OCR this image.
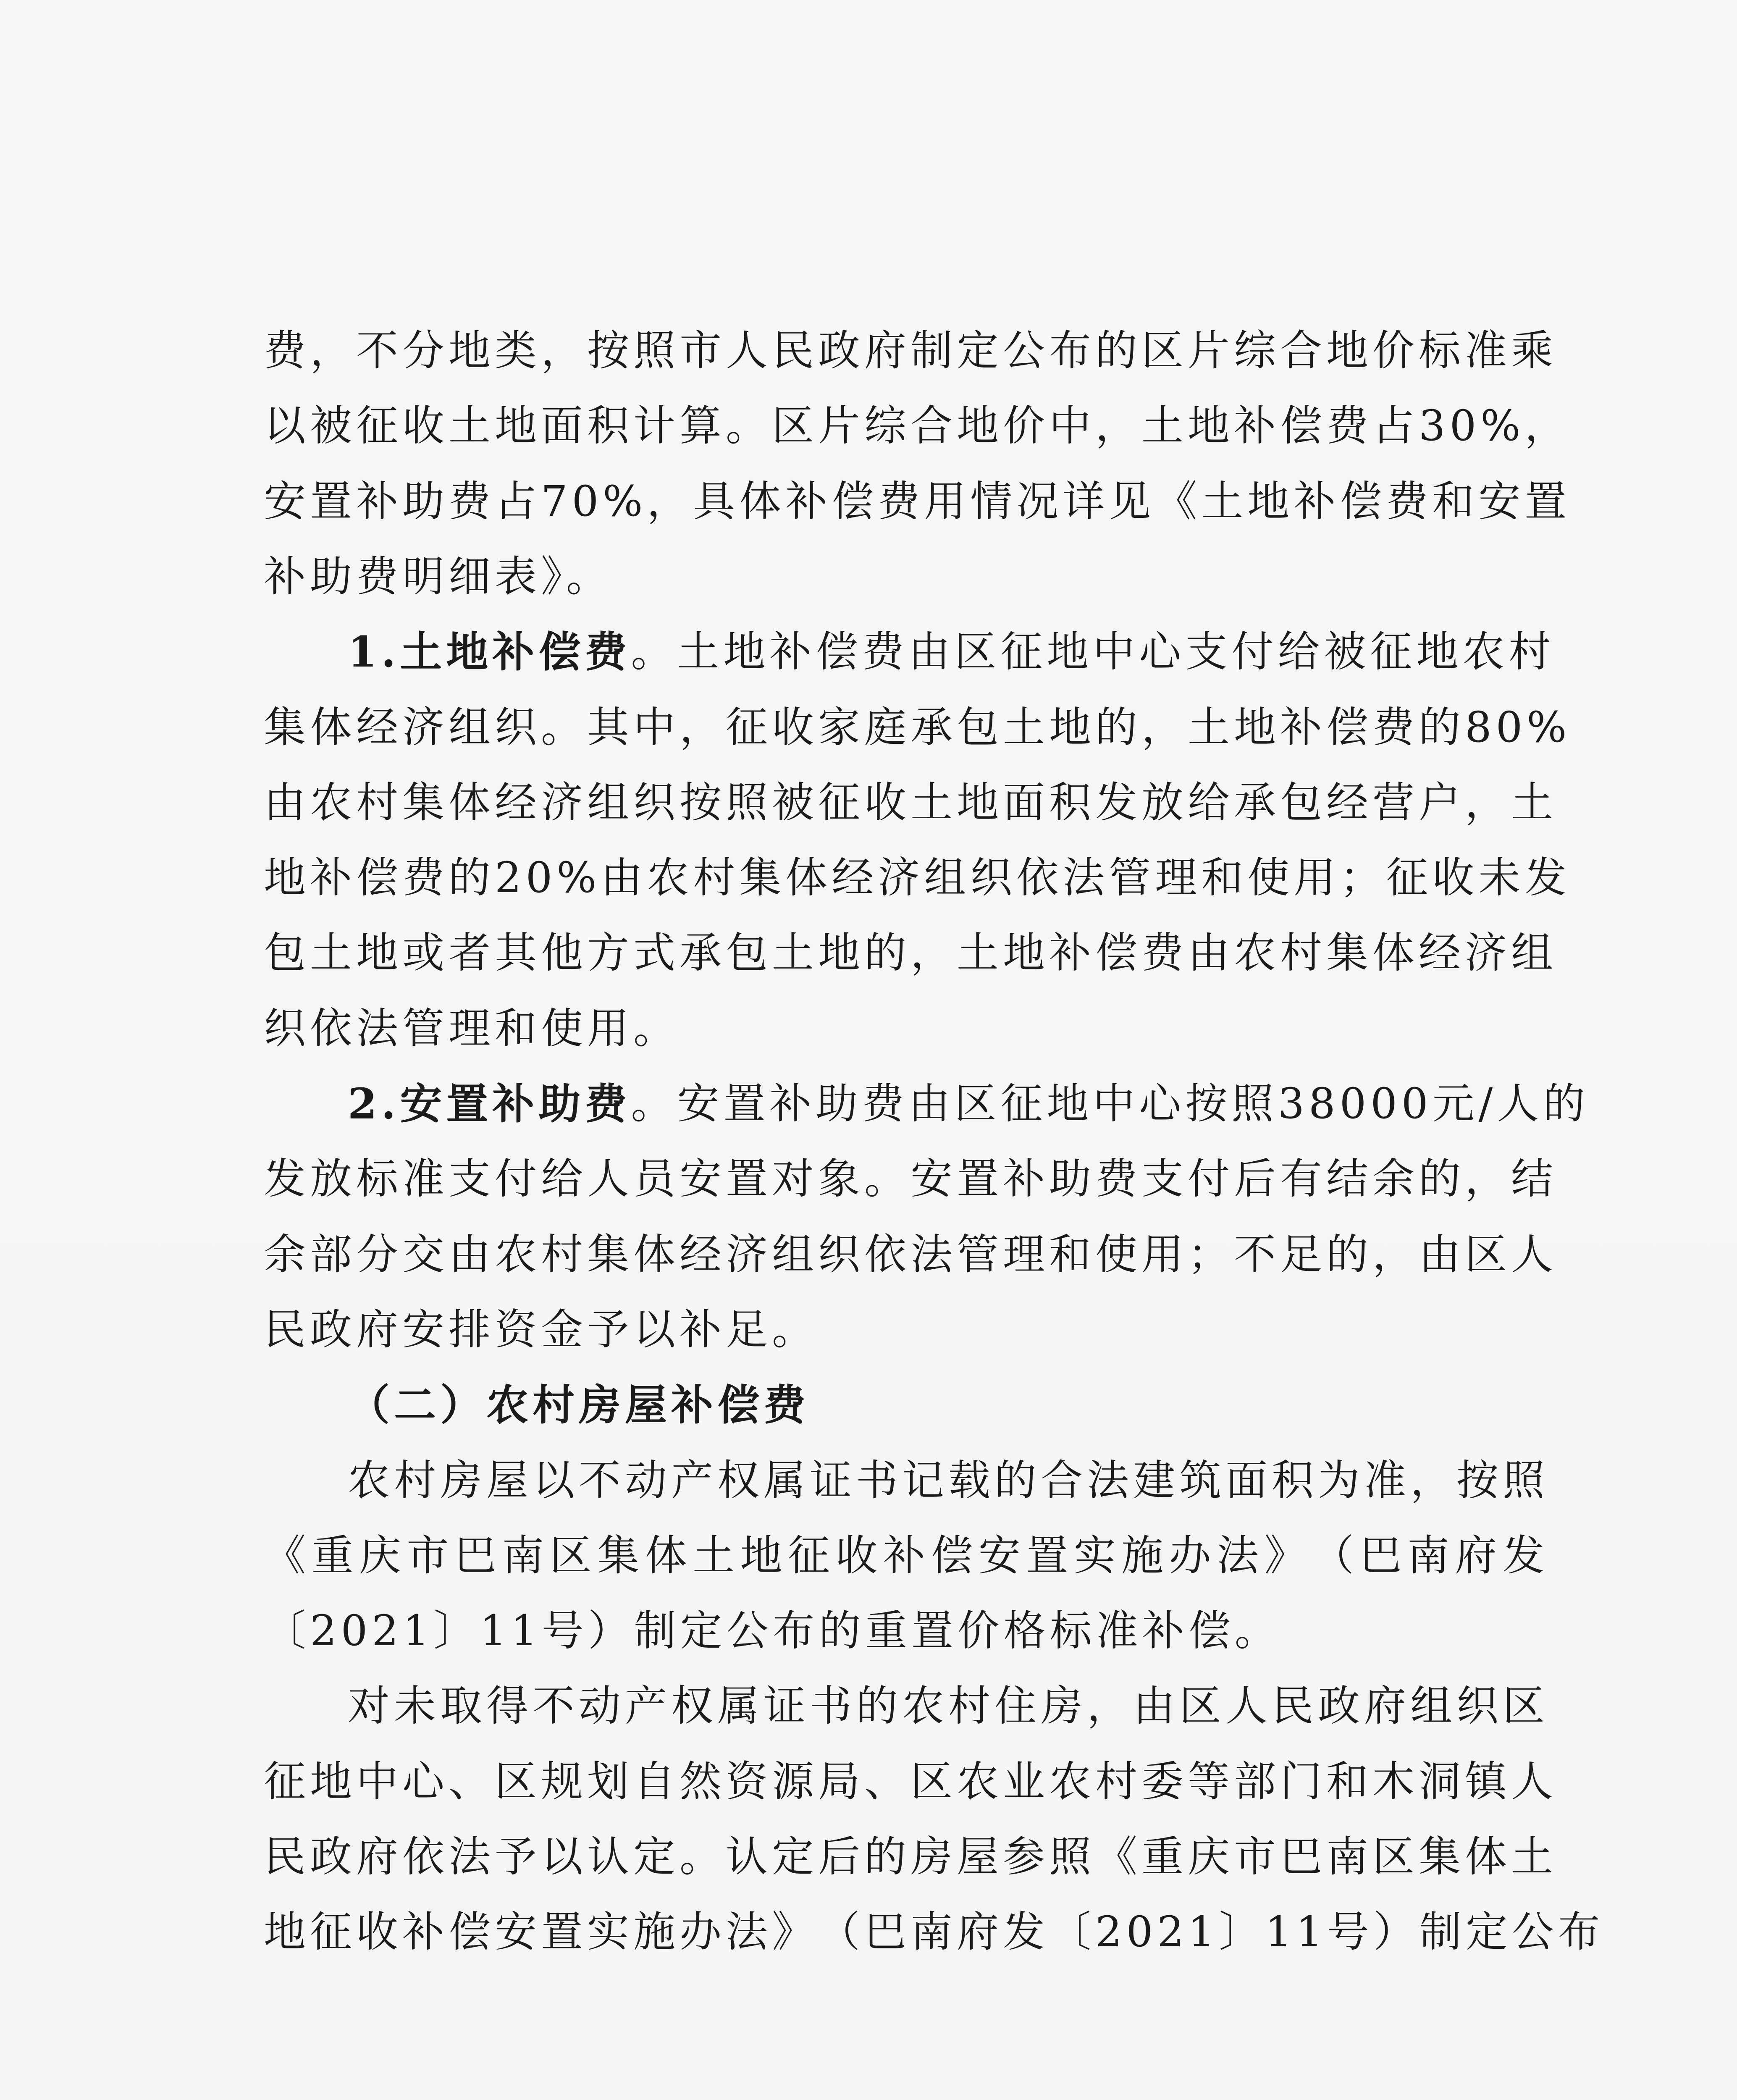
费 ， 不 分 地 类 ， 按 照 市 人 民 政 府 制 定 公 布 的 区 片 综 合 地 价 标 准 乘
以 被 征 收 土 地 面 积 计 算 。 区 片 综 合 地 价 中 ， 土 地 补 偿 费 占 30% ，
安 置 补 助 费 占 70% ， 具 体 补 偿 费 用 情 况 详 见 《 土 地 补 偿 费 和 安 置
补助费明细表》。
1. 土 地 补 偿 费 。 土 地 补 偿 费 由 区 征 地 中 心 支 付 给 被 征 地 农 村
集 体 经 济 组 织 。 其 中 ， 征 收 家 庭 承 包 土 地 的 ， 土 地 补 偿 费 的 80%
由 农 村 集 体 经 济 组 织 按 照 被 征 收 土 地 面 积 发 放 给 承 包 经 营 户 ， 土
地 补 偿 费 的 20% 由 农 村 集 体 经 济 组 织 依 法 管 理 和 使 用 ； 征 收 未 发
包 土 地 或 者 其 他 方 式 承 包 土 地 的 ， 土 地 补 偿 费 由 农 村 集 体 经 济 组
织依法管理和使用。
2. 安 置 补 助 费 。 安 置 补 助 费 由 区 征 地 中 心 按 照 38000 元 / 人 的
发 放 标 准 支 付 给 人 员 安 置 对 象 。 安 置 补 助 费 支 付 后 有 结 余 的 ， 结
余 部 分 交 由 农 村 集 体 经 济 组 织 依 法 管 理 和 使 用 ； 不 足 的 ， 由 区 人
民政府安排资金予以补足。
（二）农村房屋补偿费
农 村 房 屋 以 不 动 产 权 属 证 书 记 载 的 合 法 建 筑 面 积 为 准 ， 按 照
《 重 庆 市 巴 南 区 集 体 土 地 征 收 补 偿 安 置 实 施 办 法 》 （ 巴 南 府 发
〔2021〕11号）制定公布的重置价格标准补偿。
对 未 取 得 不 动 产 权 属 证 书 的 农 村 住 房 ， 由 区 人 民 政 府 组 织 区
征 地 中 心 、 区 规 划 自 然 资 源 局 、 区 农 业 农 村 委 等 部 门 和 木 洞 镇 人
民 政 府 依 法 予 以 认 定 。 认 定 后 的 房 屋 参 照 《 重 庆 市 巴 南 区 集 体 土
地 征 收 补 偿 安 置 实 施 办 法 》 （ 巴 南 府 发 〔 2021 〕 11 号 ） 制 定 公 布
